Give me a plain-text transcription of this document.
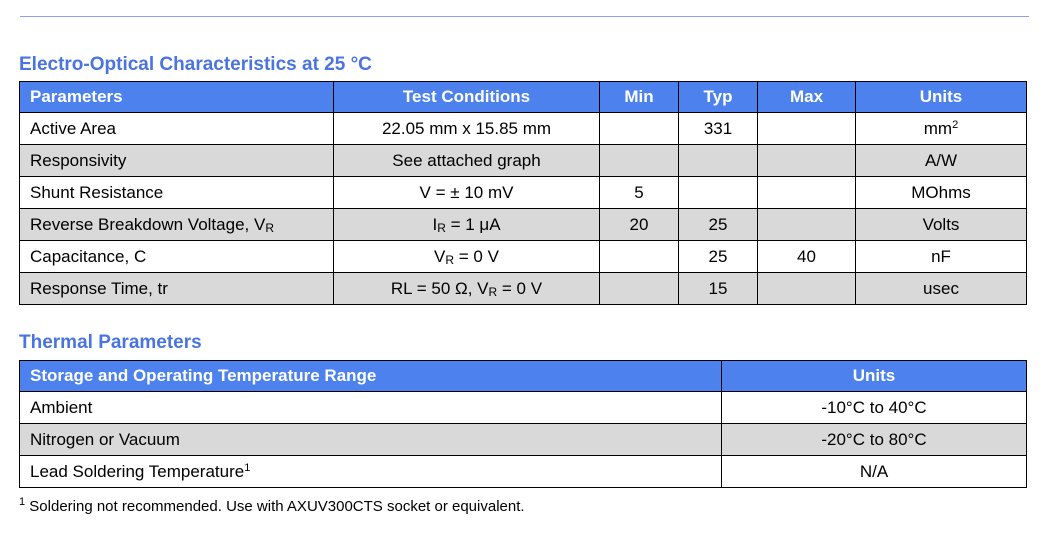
Electro-Optical Characteristics at 25 °C
Parameters	Test Conditions	Min	Typ	Max	Units
Active Area	22.05 mm x 15.85 mm		331		$mm^2$
Responsivity	See attached graph				A/W
Shunt Resistance	V = ± 10 mV	5			MOhms
Reverse Breakdown Voltage, $V_R$	$I_R = 1$ μA	20	25		Volts
Capacitance, C	$V_R = 0$ V		25	40	nF
Response Time, tr	RL = 50 Ω, $V_R = 0$ V		15		usec
Thermal Parameters
Storage and Operating Temperature Range	Units
Ambient	-10°C to 40°C
Nitrogen or Vacuum	-20°C to 80°C
Lead Soldering Temperature$^1$	N/A
$^1$ Soldering not recommended. Use with AXUV300CTS socket or equivalent.
